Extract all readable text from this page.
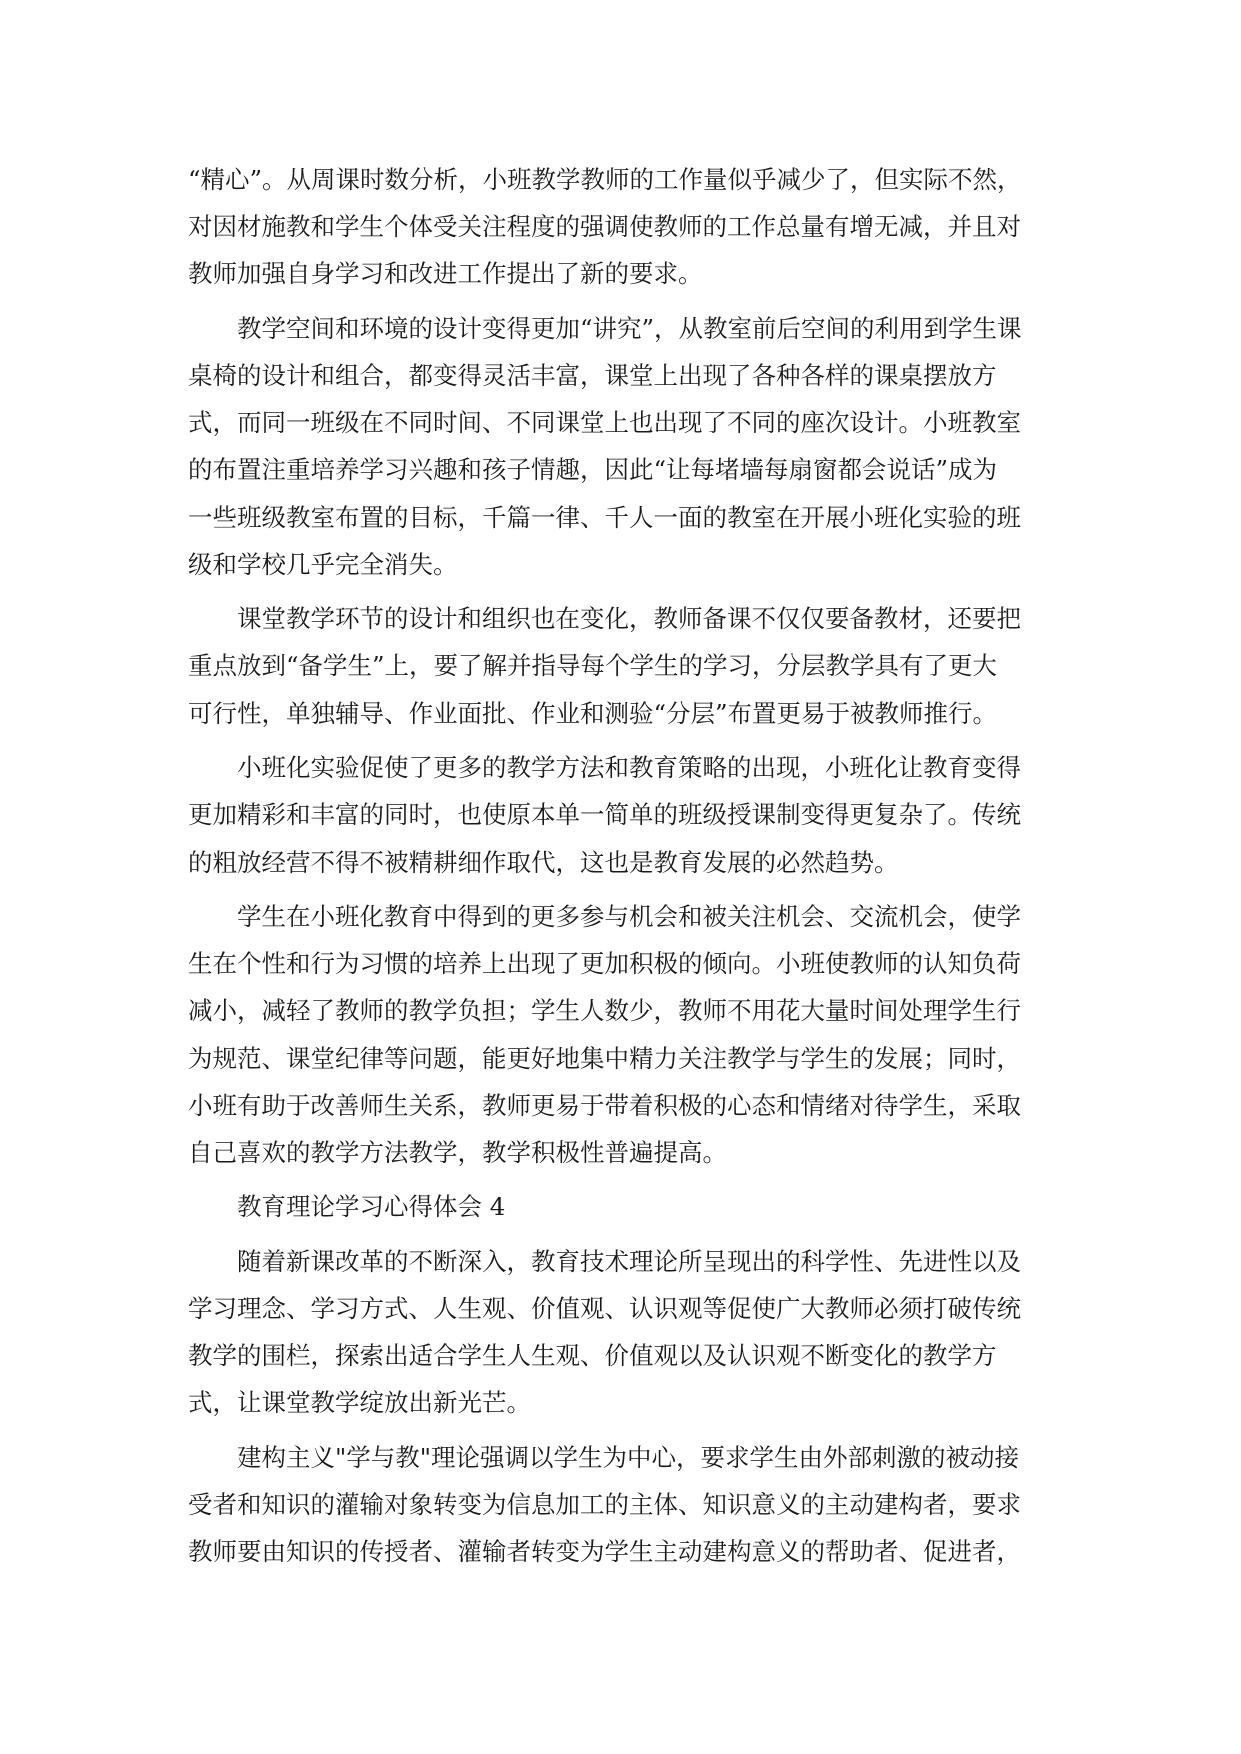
“精心”。从周课时数分析，小班教学教师的工作量似乎减少了，但实际不然，
对因材施教和学生个体受关注程度的强调使教师的工作总量有增无减，并且对
教师加强自身学习和改进工作提出了新的要求。
教学空间和环境的设计变得更加“讲究”，从教室前后空间的利用到学生课
桌椅的设计和组合，都变得灵活丰富，课堂上出现了各种各样的课桌摆放方
式，而同一班级在不同时间、不同课堂上也出现了不同的座次设计。小班教室
的布置注重培养学习兴趣和孩子情趣，因此“让每堵墙每扇窗都会说话”成为
一些班级教室布置的目标，千篇一律、千人一面的教室在开展小班化实验的班
级和学校几乎完全消失。
课堂教学环节的设计和组织也在变化，教师备课不仅仅要备教材，还要把
重点放到“备学生”上，要了解并指导每个学生的学习，分层教学具有了更大
可行性，单独辅导、作业面批、作业和测验“分层”布置更易于被教师推行。
小班化实验促使了更多的教学方法和教育策略的出现，小班化让教育变得
更加精彩和丰富的同时，也使原本单一简单的班级授课制变得更复杂了。传统
的粗放经营不得不被精耕细作取代，这也是教育发展的必然趋势。
学生在小班化教育中得到的更多参与机会和被关注机会、交流机会，使学
生在个性和行为习惯的培养上出现了更加积极的倾向。小班使教师的认知负荷
减小，减轻了教师的教学负担；学生人数少，教师不用花大量时间处理学生行
为规范、课堂纪律等问题，能更好地集中精力关注教学与学生的发展；同时，
小班有助于改善师生关系，教师更易于带着积极的心态和情绪对待学生，采取
自己喜欢的教学方法教学，教学积极性普遍提高。
教育理论学习心得体会 4
随着新课改革的不断深入，教育技术理论所呈现出的科学性、先进性以及
学习理念、学习方式、人生观、价值观、认识观等促使广大教师必须打破传统
教学的围栏，探索出适合学生人生观、价值观以及认识观不断变化的教学方
式，让课堂教学绽放出新光芒。
建构主义"学与教"理论强调以学生为中心，要求学生由外部刺激的被动接
受者和知识的灌输对象转变为信息加工的主体、知识意义的主动建构者，要求
教师要由知识的传授者、灌输者转变为学生主动建构意义的帮助者、促进者，
